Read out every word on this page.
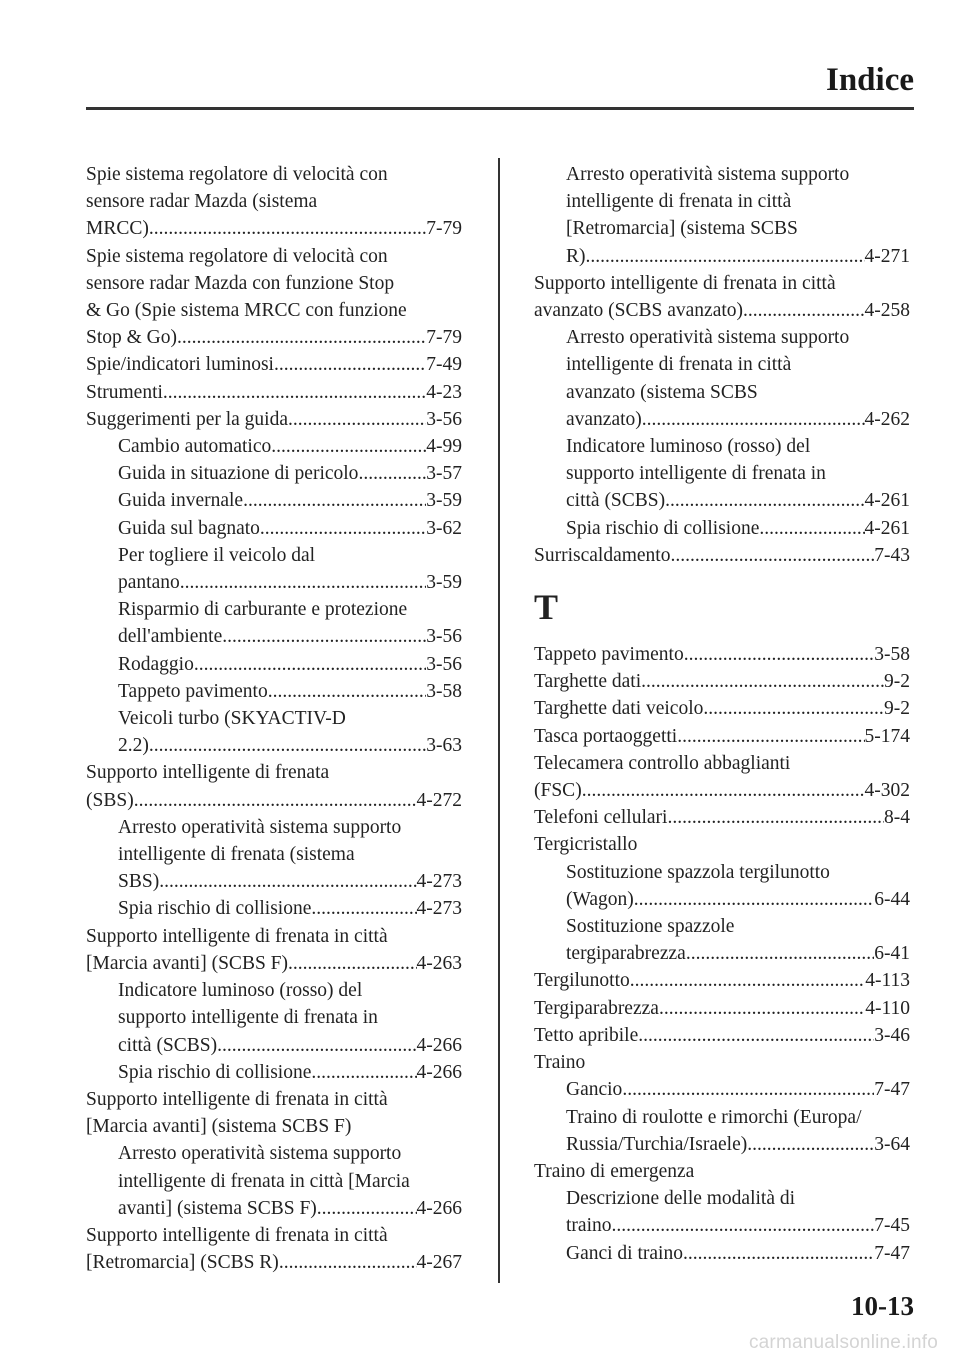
Indice
Spie sistema regolatore di velocità con
sensore radar Mazda (sistema
MRCC) .....	7-79
Spie sistema regolatore di velocità con
sensore radar Mazda con funzione Stop
& Go (Spie sistema MRCC con funzione
Stop & Go) .....	7-79
Spie/indicatori luminosi .....	7-49
Strumenti .....	4-23
Suggerimenti per la guida .....	3-56
Cambio automatico .....	4-99
Guida in situazione di pericolo .....	3-57
Guida invernale .....	3-59
Guida sul bagnato .....	3-62
Per togliere il veicolo dal
pantano .....	3-59
Risparmio di carburante e protezione
dell'ambiente .....	3-56
Rodaggio .....	3-56
Tappeto pavimento .....	3-58
Veicoli turbo (SKYACTIV-D
2.2) .....	3-63
Supporto intelligente di frenata
(SBS) .....	4-272
Arresto operatività sistema supporto
intelligente di frenata (sistema
SBS) .....	4-273
Spia rischio di collisione .....	4-273
Supporto intelligente di frenata in città
[Marcia avanti] (SCBS F) .....	4-263
Indicatore luminoso (rosso) del
supporto intelligente di frenata in
città (SCBS) .....	4-266
Spia rischio di collisione .....	4-266
Supporto intelligente di frenata in città
[Marcia avanti] (sistema SCBS F)
Arresto operatività sistema supporto
intelligente di frenata in città [Marcia
avanti] (sistema SCBS F) .....	4-266
Supporto intelligente di frenata in città
[Retromarcia] (SCBS R) .....	4-267
Arresto operatività sistema supporto
intelligente di frenata in città
[Retromarcia] (sistema SCBS
R) .....	4-271
Supporto intelligente di frenata in città
avanzato (SCBS avanzato) .....	4-258
Arresto operatività sistema supporto
intelligente di frenata in città
avanzato (sistema SCBS
avanzato) .....	4-262
Indicatore luminoso (rosso) del
supporto intelligente di frenata in
città (SCBS) .....	4-261
Spia rischio di collisione .....	4-261
Surriscaldamento .....	7-43
T
Tappeto pavimento .....	3-58
Targhette dati .....	9-2
Targhette dati veicolo .....	9-2
Tasca portaoggetti .....	5-174
Telecamera controllo abbaglianti
(FSC) .....	4-302
Telefoni cellulari .....	8-4
Tergicristallo
Sostituzione spazzola tergilunotto
(Wagon) .....	6-44
Sostituzione spazzole
tergiparabrezza .....	6-41
Tergilunotto .....	4-113
Tergiparabrezza .....	4-110
Tetto apribile .....	3-46
Traino
Gancio .....	7-47
Traino di roulotte e rimorchi (Europa/
Russia/Turchia/Israele) .....	3-64
Traino di emergenza
Descrizione delle modalità di
traino .....	7-45
Ganci di traino .....	7-47
10-13
carmanualsonline.info
